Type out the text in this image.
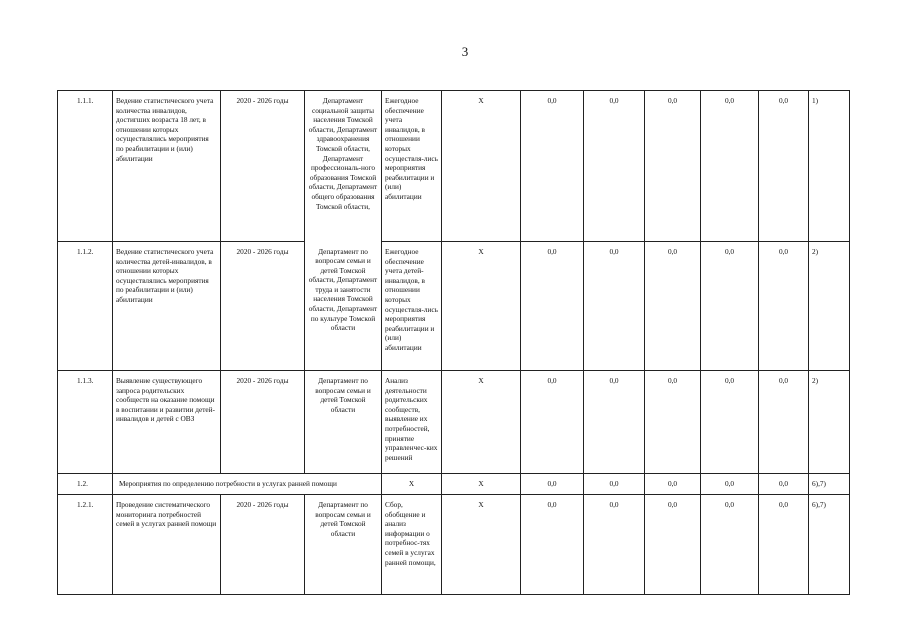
3
1.1.1.	Ведение статистического учета количества инвалидов, достигших возраста 18 лет, в отношении которых осуществлялись мероприятия по реабилитации и (или) абилитации	2020 - 2026 годы	Департамент социальной защиты населения Томской области, Департамент здравоохранения Томской области, Департамент профессиональ-ного образования Томской области, Департамент общего образования Томской области,	Ежегодное обеспечение учета инвалидов, в отношении которых осуществля-лись мероприятия реабилитации и (или) абилитации	X	0,0	0,0	0,0	0,0	0,0	1)
1.1.2.	Ведение статистического учета количества детей-инвалидов, в отношении которых осуществлялись мероприятия по реабилитации и (или) абилитации	2020 - 2026 годы	Департамент по вопросам семьи и детей Томской области, Департамент труда и занятости населения Томской области, Департамент по культуре Томской области	Ежегодное обеспечение учета детей-инвалидов, в отношении которых осуществля-лись мероприятия реабилитации и (или) абилитации	X	0,0	0,0	0,0	0,0	0,0	2)
1.1.3.	Выявление существующего запроса родительских сообществ на оказание помощи в воспитании и развитии детей-инвалидов и детей с ОВЗ	2020 - 2026 годы	Департамент по вопросам семьи и детей Томской области	Анализ деятельности родительских сообществ, выявление их потребностей, принятие управленчес-ких решений	X	0,0	0,0	0,0	0,0	0,0	2)
1.2.	Мероприятия по определению потребности в услугах ранней помощи			X	X	0,0	0,0	0,0	0,0	0,0	6),7)
1.2.1.	Проведение систематического мониторинга потребностей семей в услугах ранней помощи	2020 - 2026 годы	Департамент по вопросам семьи и детей Томской области	Сбор, обобщение и анализ информации о потребнос-тях семей в услугах ранней помощи,	X	0,0	0,0	0,0	0,0	0,0	6),7)
